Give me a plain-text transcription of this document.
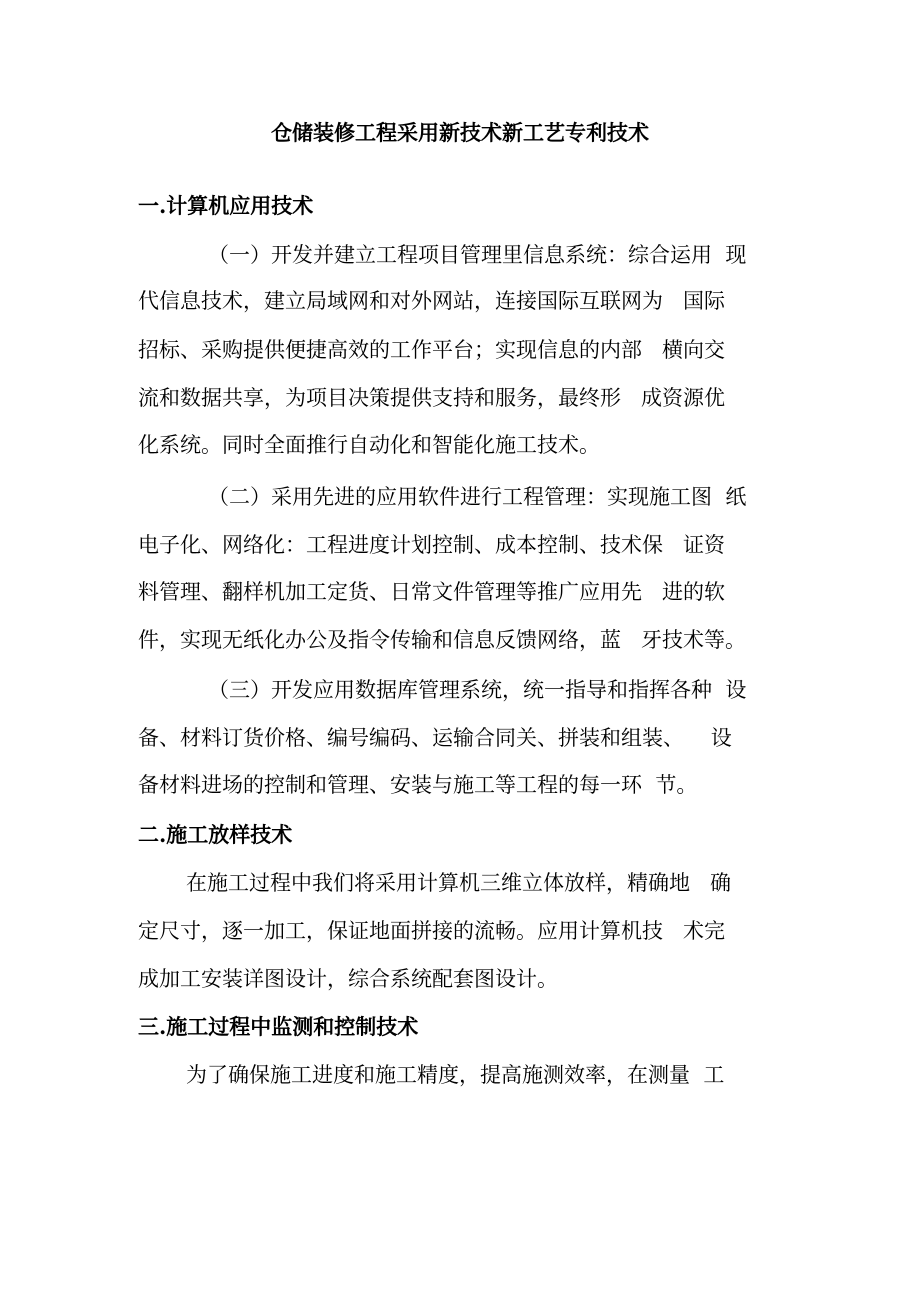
仓储装修工程采用新技术新工艺专利技术
一.计算机应用技术
（一）开发并建立工程项目管理里信息系统：综合运用  现
代信息技术，建立局域网和对外网站，连接国际互联网为   国际
招标、采购提供便捷高效的工作平台；实现信息的内部   横向交
流和数据共享，为项目决策提供支持和服务，最终形   成资源优
化系统。同时全面推行自动化和智能化施工技术。
（二）采用先进的应用软件进行工程管理：实现施工图  纸
电子化、网络化：工程进度计划控制、成本控制、技术保   证资
料管理、翻样机加工定货、日常文件管理等推广应用先   进的软
件，实现无纸化办公及指令传输和信息反馈网络，蓝   牙技术等。
（三）开发应用数据库管理系统，统一指导和指挥各种  设
备、材料订货价格、编号编码、运输合同关、拼装和组装、    设
备材料进场的控制和管理、安装与施工等工程的每一环  节。
二.施工放样技术
在施工过程中我们将采用计算机三维立体放样，精确地   确
定尺寸，逐一加工，保证地面拼接的流畅。应用计算机技   术完
成加工安装详图设计，综合系统配套图设计。
三.施工过程中监测和控制技术
为了确保施工进度和施工精度，提高施测效率，在测量  工
